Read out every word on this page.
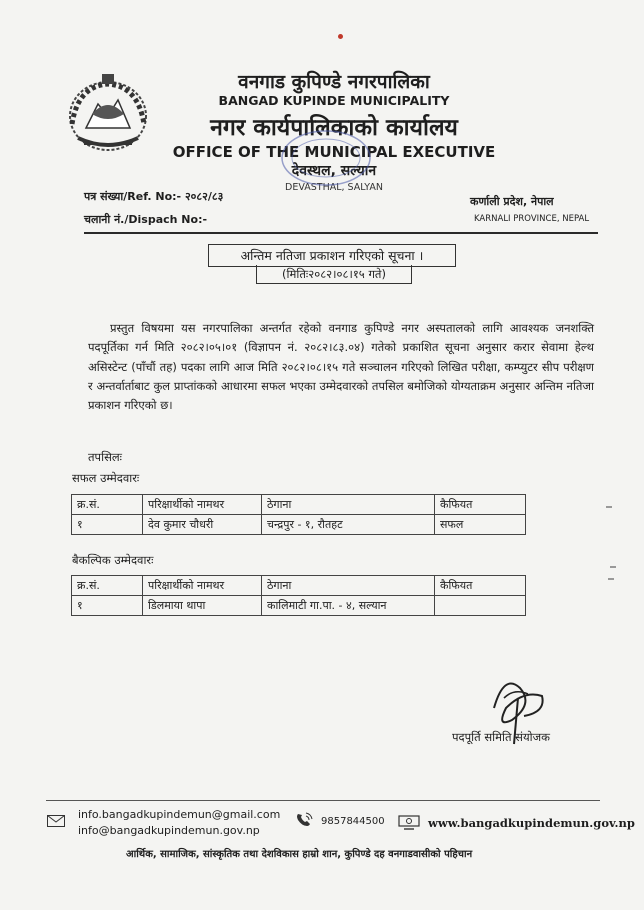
वनगाड कुपिण्डे नगरपालिका
BANGAD KUPINDE MUNICIPALITY
नगर कार्यपालिकाको कार्यालय
OFFICE OF THE MUNICIPAL EXECUTIVE
देवस्थल, सल्यान
DEVASTHAL, SALYAN
पत्र संख्या/Ref. No:- २०८२/८३
चलानी नं./Dispach No:-
कर्णाली प्रदेश, नेपाल
KARNALI PROVINCE, NEPAL
अन्तिम नतिजा प्रकाशन गरिएको सूचना ।
(मितिः२०८२।०८।१५ गते)
प्रस्तुत विषयमा यस नगरपालिका अन्तर्गत रहेको वनगाड कुपिण्डे नगर अस्पतालको लागि आवश्यक जनशक्ति पदपूर्तिका गर्न मिति २०८२।०५।०१ (विज्ञापन नं. २०८२।८३.०४) गतेको प्रकाशित सूचना अनुसार करार सेवामा हेल्थ असिस्टेन्ट (पाँचौं तह) पदका लागि आज मिति २०८२।०८।१५ गते सञ्चालन गरिएको लिखित परीक्षा, कम्प्युटर सीप परीक्षण र अन्तर्वार्ताबाट कुल प्राप्तांकको आधारमा सफल भएका उम्मेदवारको तपसिल बमोजिको योग्यताक्रम अनुसार अन्तिम नतिजा प्रकाशन गरिएको छ।
तपसिलः
सफल उम्मेदवारः
क्र.सं.	परिक्षार्थीको नामथर	ठेगाना	कैफियत
१	देव कुमार चौधरी	चन्द्रपुर - १, रौतहट	सफल
बैकल्पिक उम्मेदवारः
क्र.सं.	परिक्षार्थीको नामथर	ठेगाना	कैफियत
१	डिलमाया थापा	कालिमाटी गा.पा. - ४, सल्यान	
पदपूर्ति समिति संयोजक
info.bangadkupindemun@gmail.com
info@bangadkupindemun.gov.np
9857844500	www.bangadkupindemun.gov.np
आर्थिक, सामाजिक, सांस्कृतिक तथा देशविकास हाम्रो शान, कुपिण्डे दह वनगाडवासीको पहिचान
